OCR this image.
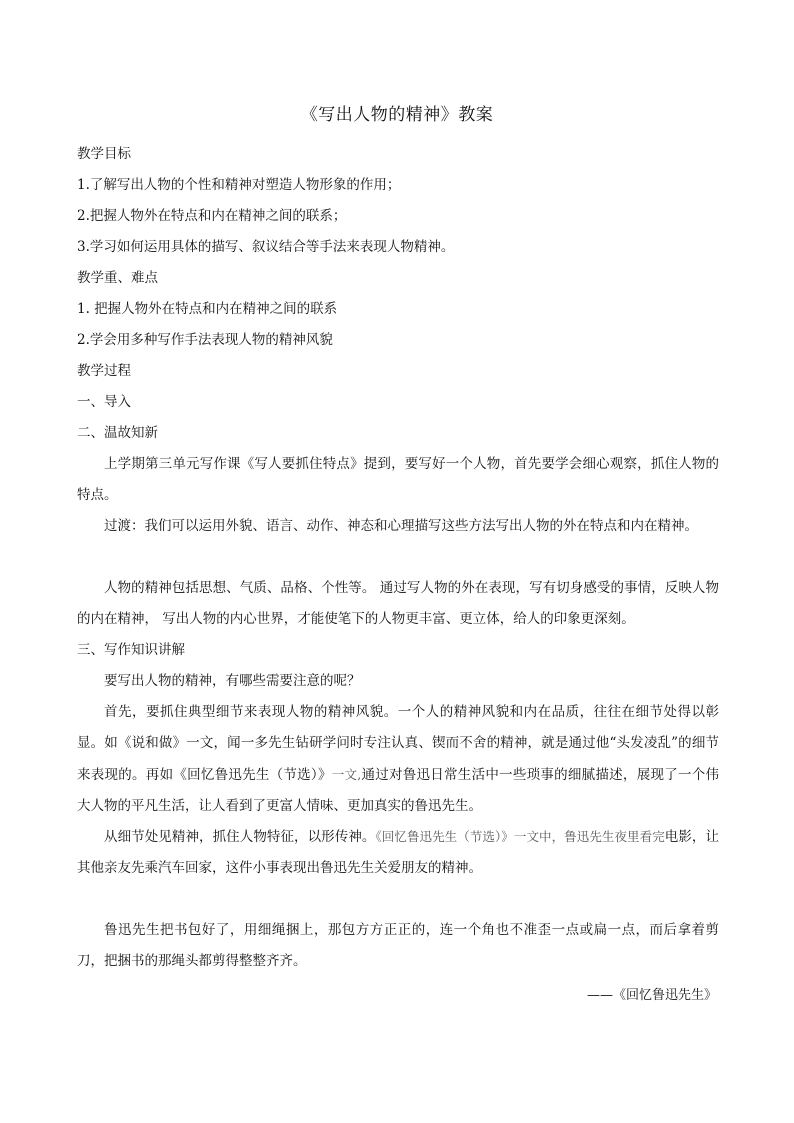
《写出人物的精神》教案
教学目标
1.了解写出人物的个性和精神对塑造人物形象的作用；
2.把握人物外在特点和内在精神之间的联系；
3.学习如何运用具体的描写、叙议结合等手法来表现人物精神。
教学重、难点
1. 把握人物外在特点和内在精神之间的联系
2.学会用多种写作手法表现人物的精神风貌
教学过程
一、导入
二、温故知新
上学期第三单元写作课《写人要抓住特点》提到，要写好一个人物，首先要学会细心观察，抓住人物的特点。
过渡：我们可以运用外貌、语言、动作、神态和心理描写这些方法写出人物的外在特点和内在精神。
人物的精神包括思想、气质、品格、个性等。 通过写人物的外在表现，写有切身感受的事情，反映人物的内在精神， 写出人物的内心世界，才能使笔下的人物更丰富、更立体，给人的印象更深刻。
三、写作知识讲解
要写出人物的精神，有哪些需要注意的呢？
首先，要抓住典型细节来表现人物的精神风貌。一个人的精神风貌和内在品质，往往在细节处得以彰显。如《说和做》一文，闻一多先生钻研学问时专注认真、锲而不舍的精神，就是通过他“头发凌乱”的细节来表现的。再如《回忆鲁迅先生（节选）》一文,通过对鲁迅日常生活中一些琐事的细腻描述，展现了一个伟大人物的平凡生活，让人看到了更富人情味、更加真实的鲁迅先生。
从细节处见精神，抓住人物特征，以形传神。《回忆鲁迅先生（节选）》一文中，鲁迅先生夜里看完电影，让其他亲友先乘汽车回家，这件小事表现出鲁迅先生关爱朋友的精神。
鲁迅先生把书包好了，用细绳捆上，那包方方正正的，连一个角也不准歪一点或扁一点，而后拿着剪刀，把捆书的那绳头都剪得整整齐齐。
——《回忆鲁迅先生》
